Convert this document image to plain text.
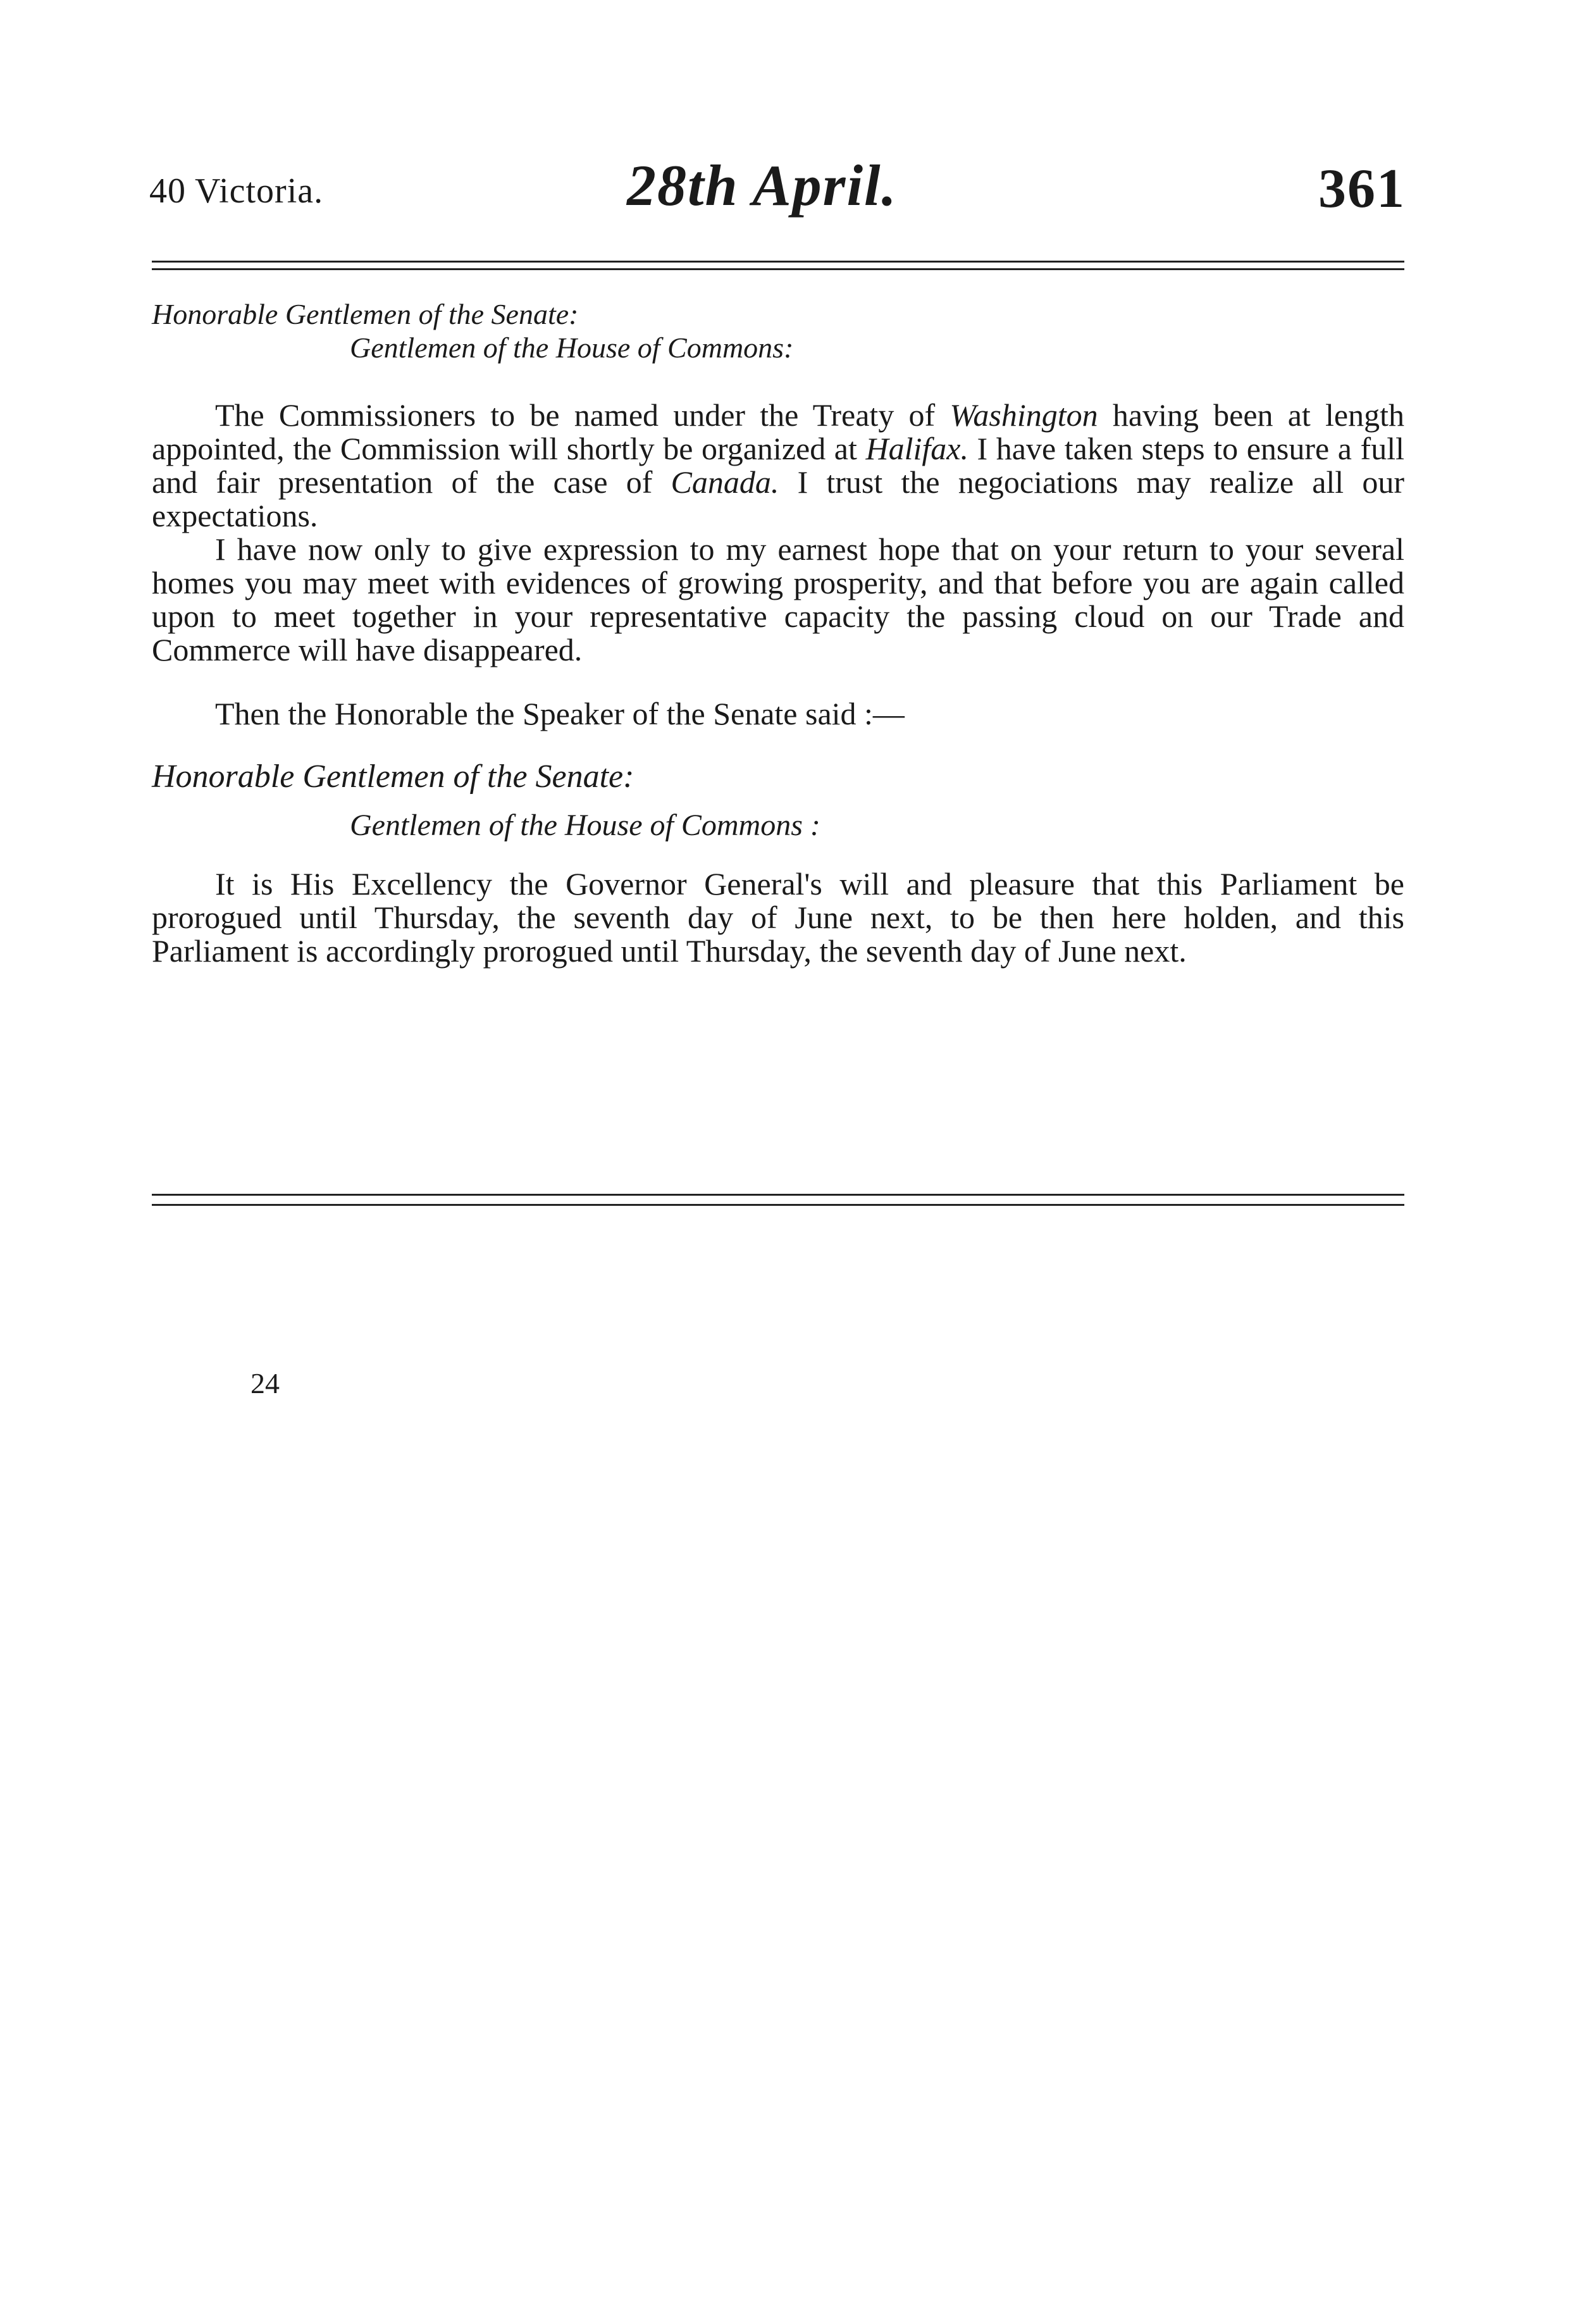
40 Victoria.	28th April.	361

Honorable Gentlemen of the Senate:

Gentlemen of the House of Commons:

The Commissioners to be named under the Treaty of Washington having been at length appointed, the Commission will shortly be organized at Halifax. I have taken steps to ensure a full and fair presentation of the case of Canada. I trust the negociations may realize all our expectations.

I have now only to give expression to my earnest hope that on your return to your several homes you may meet with evidences of growing prosperity, and that before you are again called upon to meet together in your representative capacity the passing cloud on our Trade and Commerce will have disappeared.

Then the Honorable the Speaker of the Senate said :—

Honorable Gentlemen of the Senate:

Gentlemen of the House of Commons :

It is His Excellency the Governor General's will and pleasure that this Parliament be prorogued until Thursday, the seventh day of June next, to be then here holden, and this Parliament is accordingly prorogued until Thursday, the seventh day of June next.

24
